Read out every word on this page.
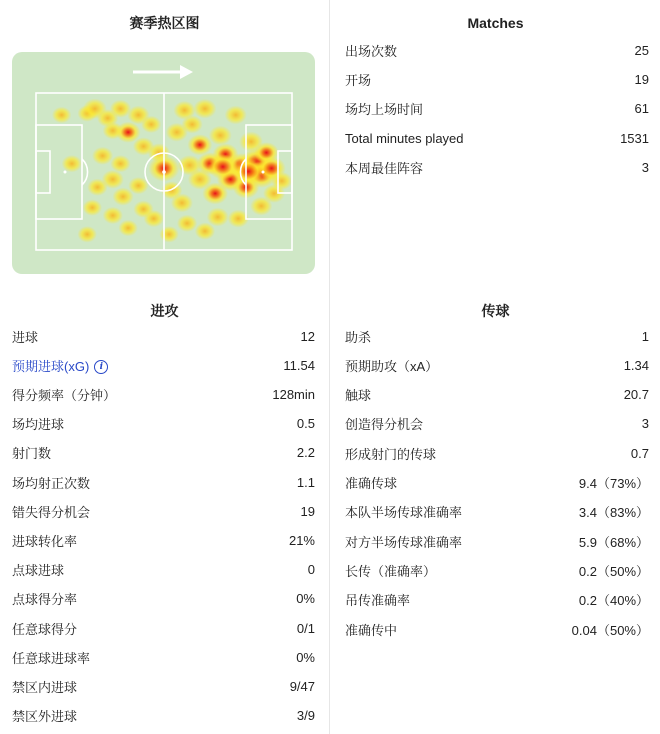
赛季热区图
进攻
进球	12
预期进球(xG) i	11.54
得分频率（分钟）	128min
场均进球	0.5
射门数	2.2
场均射正次数	1.1
错失得分机会	19
进球转化率	21%
点球进球	0
点球得分率	0%
任意球得分	0/1
任意球进球率	0%
禁区内进球	9/47
禁区外进球	3/9
Matches
出场次数	25
开场	19
场均上场时间	61
Total minutes played	1531
本周最佳阵容	3
传球
助杀	1
预期助攻（xA）	1.34
触球	20.7
创造得分机会	3
形成射门的传球	0.7
准确传球	9.4（73%）
本队半场传球准确率	3.4（83%）
对方半场传球准确率	5.9（68%）
长传（准确率）	0.2（50%）
吊传准确率	0.2（40%）
准确传中	0.04（50%）
